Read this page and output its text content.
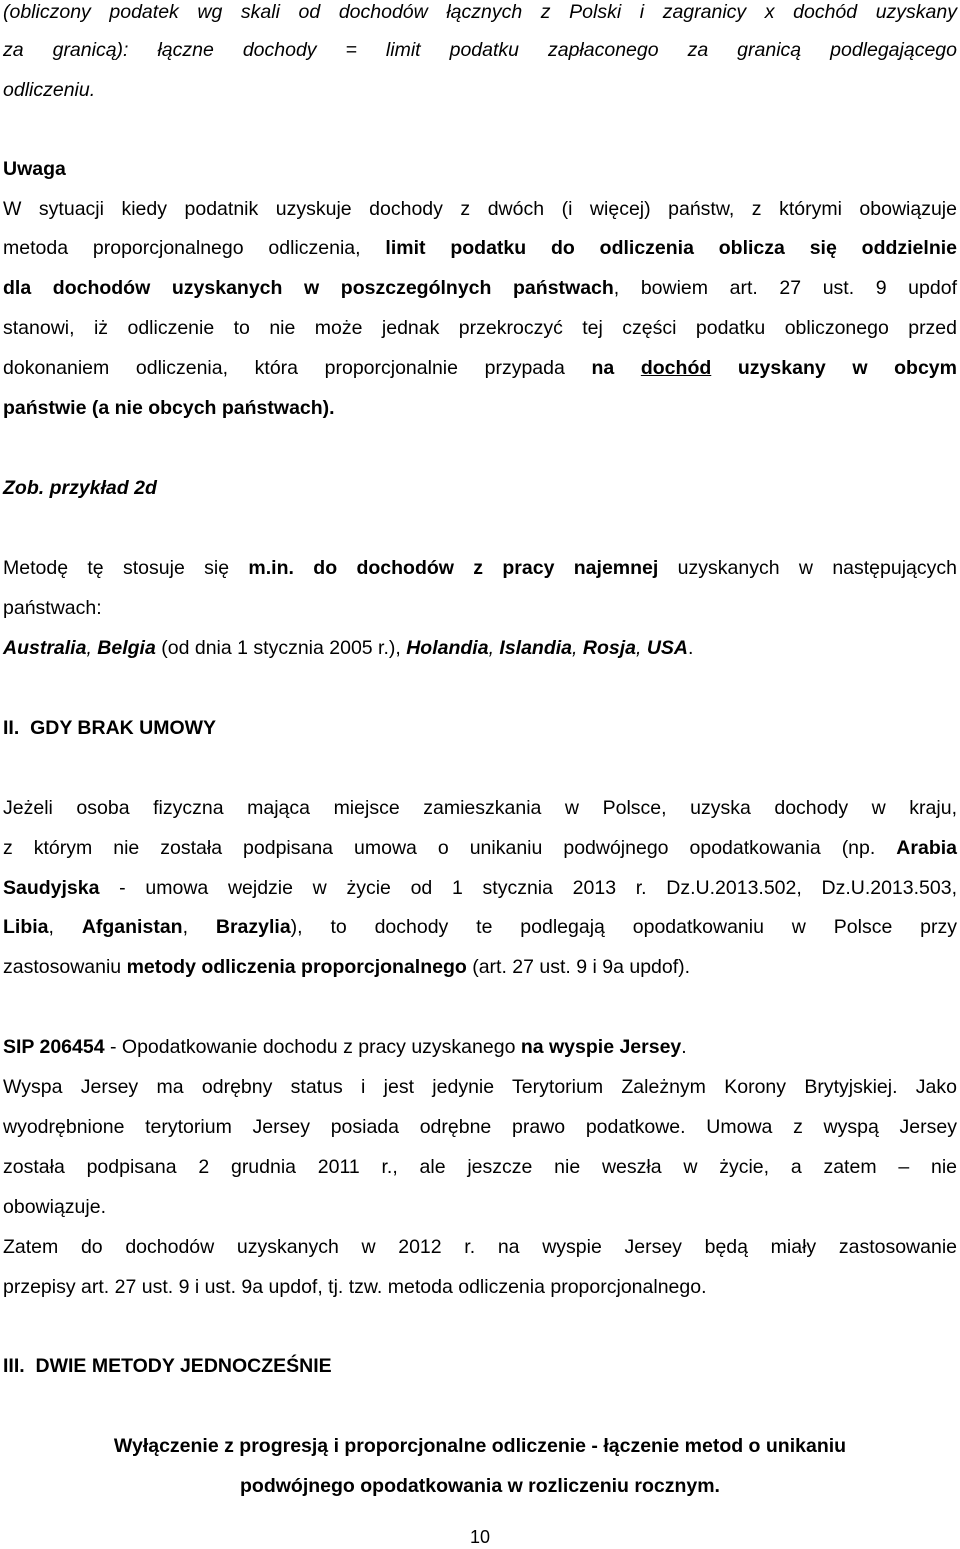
(obliczony podatek wg skali od dochodów łącznych z Polski i zagranicy x dochód uzyskany
za granicą): łączne dochody = limit podatku zapłaconego za granicą podlegającego
odliczeniu.
Uwaga
W sytuacji kiedy podatnik uzyskuje dochody z dwóch (i więcej) państw, z którymi obowiązuje
metoda proporcjonalnego odliczenia, limit podatku do odliczenia oblicza się oddzielnie
dla dochodów uzyskanych w poszczególnych państwach, bowiem art. 27 ust. 9 updof
stanowi, iż odliczenie to nie może jednak przekroczyć tej części podatku obliczonego przed
dokonaniem odliczenia, która proporcjonalnie przypada na dochód uzyskany w obcym
państwie (a nie obcych państwach).
Zob. przykład 2d
Metodę tę stosuje się m.in. do dochodów z pracy najemnej uzyskanych w następujących
państwach:
Australia, Belgia (od dnia 1 stycznia 2005 r.), Holandia, Islandia, Rosja, USA.
II.  GDY BRAK UMOWY
Jeżeli osoba fizyczna mająca miejsce zamieszkania w Polsce, uzyska dochody w kraju,
z którym nie została podpisana umowa o unikaniu podwójnego opodatkowania (np. Arabia
Saudyjska - umowa wejdzie w życie od 1 stycznia 2013 r. Dz.U.2013.502, Dz.U.2013.503,
Libia, Afganistan, Brazylia), to dochody te podlegają opodatkowaniu w Polsce przy
zastosowaniu metody odliczenia proporcjonalnego (art. 27 ust. 9 i 9a updof).
SIP 206454 - Opodatkowanie dochodu z pracy uzyskanego na wyspie Jersey.
Wyspa Jersey ma odrębny status i jest jedynie Terytorium Zależnym Korony Brytyjskiej. Jako
wyodrębnione terytorium Jersey posiada odrębne prawo podatkowe. Umowa z wyspą Jersey
została podpisana 2 grudnia 2011 r., ale jeszcze nie weszła w życie, a zatem – nie
obowiązuje.
Zatem do dochodów uzyskanych w 2012 r. na wyspie Jersey będą miały zastosowanie
przepisy art. 27 ust. 9 i ust. 9a updof, tj. tzw. metoda odliczenia proporcjonalnego.
III.  DWIE METODY JEDNOCZEŚNIE
Wyłączenie z progresją i proporcjonalne odliczenie - łączenie metod o unikaniu
podwójnego opodatkowania w rozliczeniu rocznym.
10
